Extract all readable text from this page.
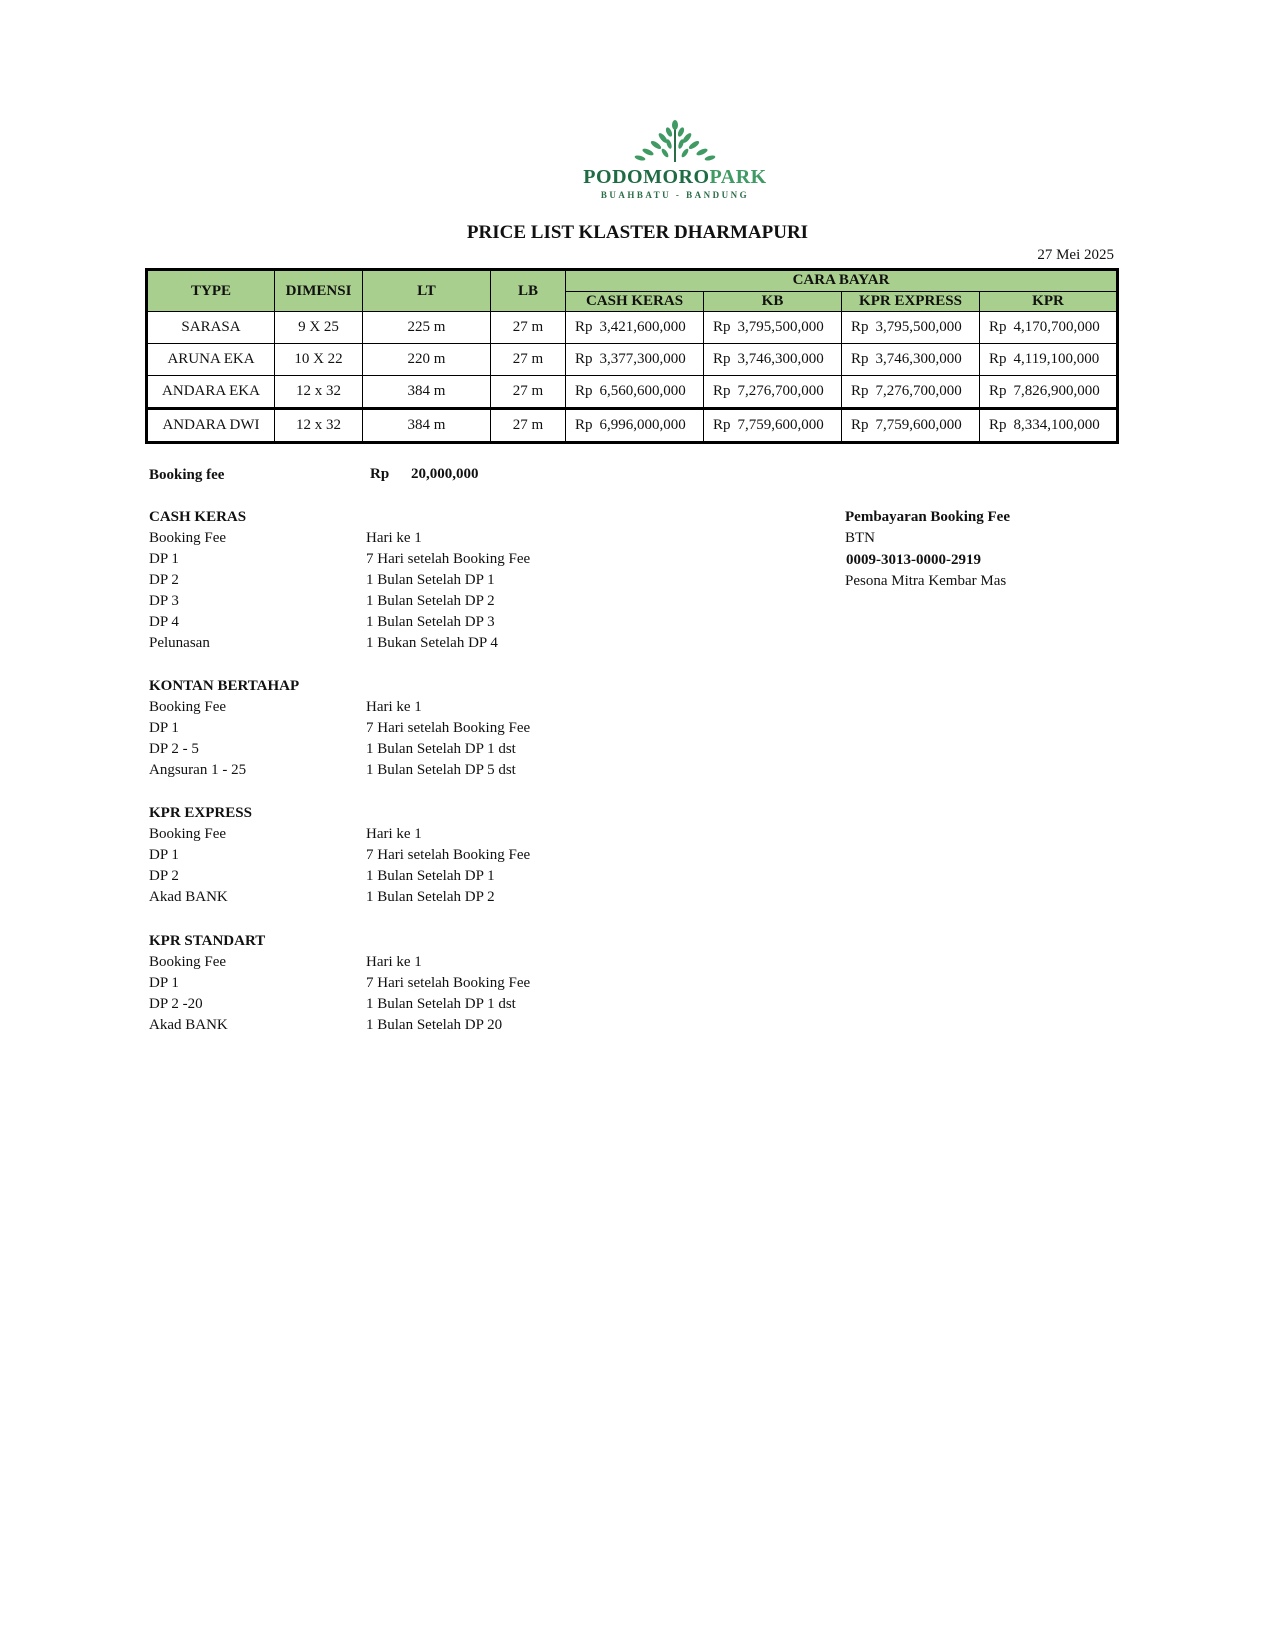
PODOMOROPARK
BUAHBATU - BANDUNG
PRICE LIST KLASTER DHARMAPURI
27 Mei 2025
TYPE	DIMENSI	LT	LB	CARA BAYAR			
				CASH KERAS	KB	KPR EXPRESS	KPR
SARASA	9 X 25	225 m	27 m	Rp 3,421,600,000	Rp 3,795,500,000	Rp 3,795,500,000	Rp 4,170,700,000
ARUNA EKA	10 X 22	220 m	27 m	Rp 3,377,300,000	Rp 3,746,300,000	Rp 3,746,300,000	Rp 4,119,100,000
ANDARA EKA	12 x 32	384 m	27 m	Rp 6,560,600,000	Rp 7,276,700,000	Rp 7,276,700,000	Rp 7,826,900,000
ANDARA DWI	12 x 32	384 m	27 m	Rp 6,996,000,000	Rp 7,759,600,000	Rp 7,759,600,000	Rp 8,334,100,000
Booking fee	Rp 20,000,000
CASH KERAS
Booking Fee	Hari ke 1
DP 1	7 Hari setelah Booking Fee
DP 2	1 Bulan Setelah DP 1
DP 3	1 Bulan Setelah DP 2
DP 4	1 Bulan Setelah DP 3
Pelunasan	1 Bukan Setelah DP 4
KONTAN BERTAHAP
Booking Fee	Hari ke 1
DP 1	7 Hari setelah Booking Fee
DP 2 - 5	1 Bulan Setelah DP 1 dst
Angsuran 1 - 25	1 Bulan Setelah DP 5 dst
KPR EXPRESS
Booking Fee	Hari ke 1
DP 1	7 Hari setelah Booking Fee
DP 2	1 Bulan Setelah DP 1
Akad BANK	1 Bulan Setelah DP 2
KPR STANDART
Booking Fee	Hari ke 1
DP 1	7 Hari setelah Booking Fee
DP 2 -20	1 Bulan Setelah DP 1 dst
Akad BANK	1 Bulan Setelah DP 20
Pembayaran Booking Fee
BTN
0009-3013-0000-2919
Pesona Mitra Kembar Mas
